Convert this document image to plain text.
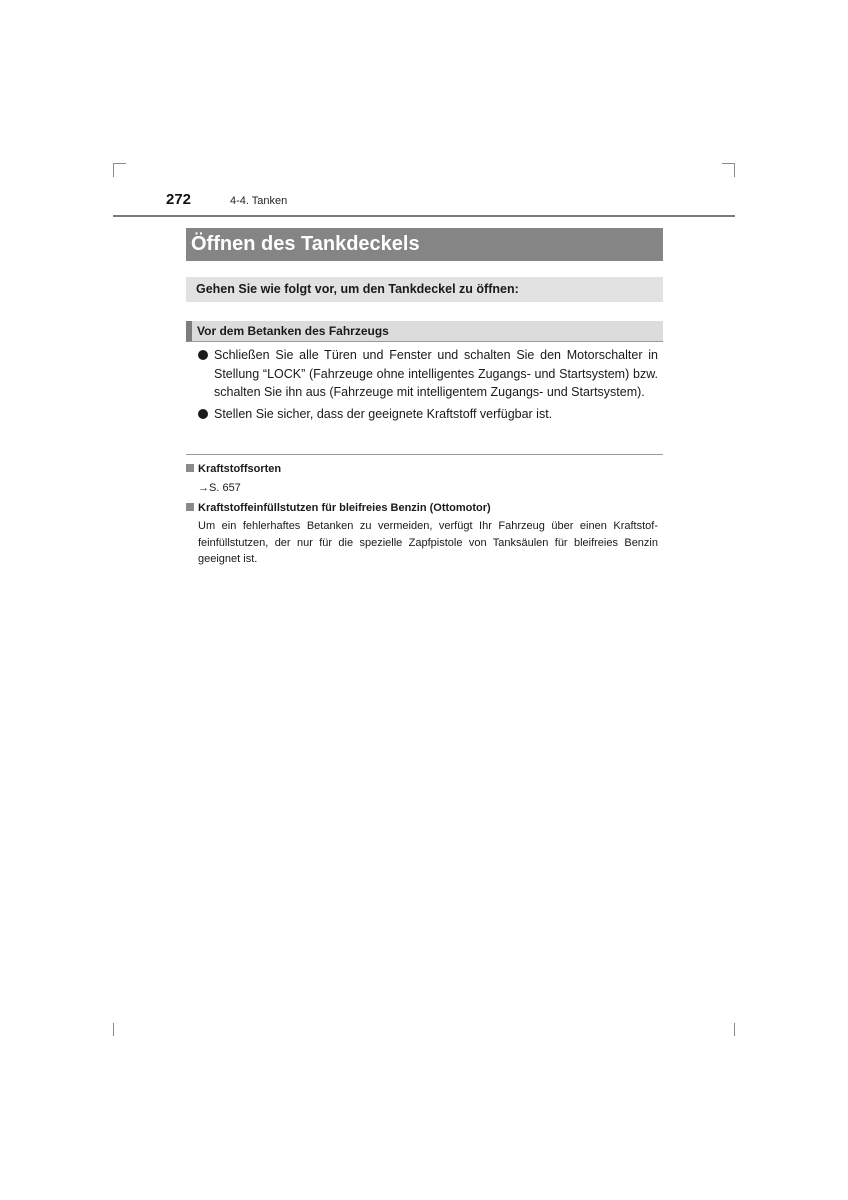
272	4-4. Tanken
Öffnen des Tankdeckels
Gehen Sie wie folgt vor, um den Tankdeckel zu öffnen:
Vor dem Betanken des Fahrzeugs
Schließen Sie alle Türen und Fenster und schalten Sie den Motorschalter in Stellung “LOCK” (Fahrzeuge ohne intelligentes Zugangs- und Startsystem) bzw. schalten Sie ihn aus (Fahrzeuge mit intelligentem Zugangs- und Startsystem).
Stellen Sie sicher, dass der geeignete Kraftstoff verfügbar ist.
Kraftstoffsorten
→S. 657
Kraftstoffeinfüllstutzen für bleifreies Benzin (Ottomotor)

Um ein fehlerhaftes Betanken zu vermeiden, verfügt Ihr Fahrzeug über einen Kraftstoffeinfüllstutzen, der nur für die spezielle Zapfpistole von Tanksäulen für bleifreies Benzin geeignet ist.
